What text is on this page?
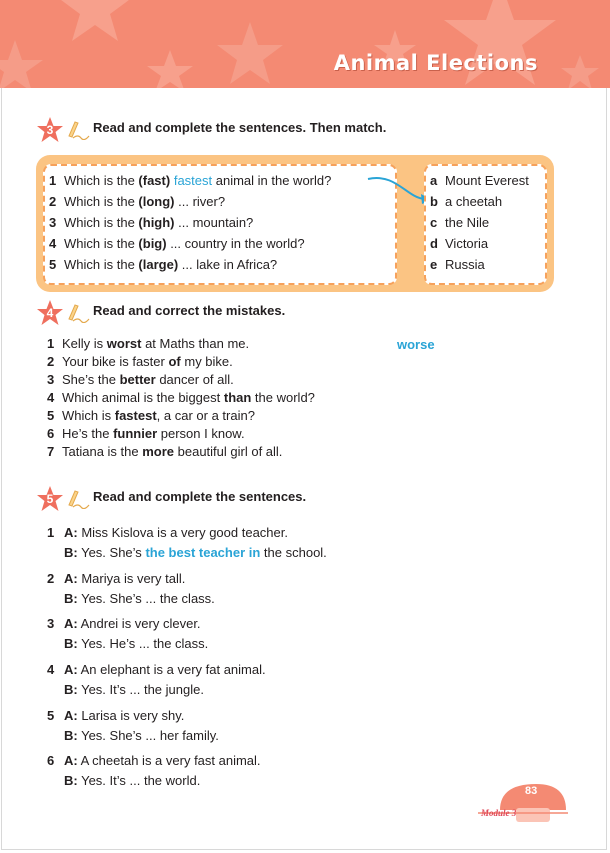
Animal Elections
3	Read and complete the sentences. Then match.
1 Which is the (fast) fastest animal in the world?
2 Which is the (long) ... river?
3 Which is the (high) ... mountain?
4 Which is the (big) ... country in the world?
5 Which is the (large) ... lake in Africa?
a Mount Everest
b a cheetah
c the Nile
d Victoria
e Russia
4	Read and correct the mistakes.
1 Kelly is worst at Maths than me.	worse
2 Your bike is faster of my bike.
3 She’s the better dancer of all.
4 Which animal is the biggest than the world?
5 Which is fastest, a car or a train?
6 He’s the funnier person I know.
7 Tatiana is the more beautiful girl of all.
5	Read and complete the sentences.
1 A: Miss Kislova is a very good teacher.
B: Yes. She’s the best teacher in the school.
2 A: Mariya is very tall.
B: Yes. She’s ... the class.
3 A: Andrei is very clever.
B: Yes. He’s ... the class.
4 A: An elephant is a very fat animal.
B: Yes. It’s ... the jungle.
5 A: Larisa is very shy.
B: Yes. She’s ... her family.
6 A: A cheetah is a very fast animal.
B: Yes. It’s ... the world.
83
Module 3
